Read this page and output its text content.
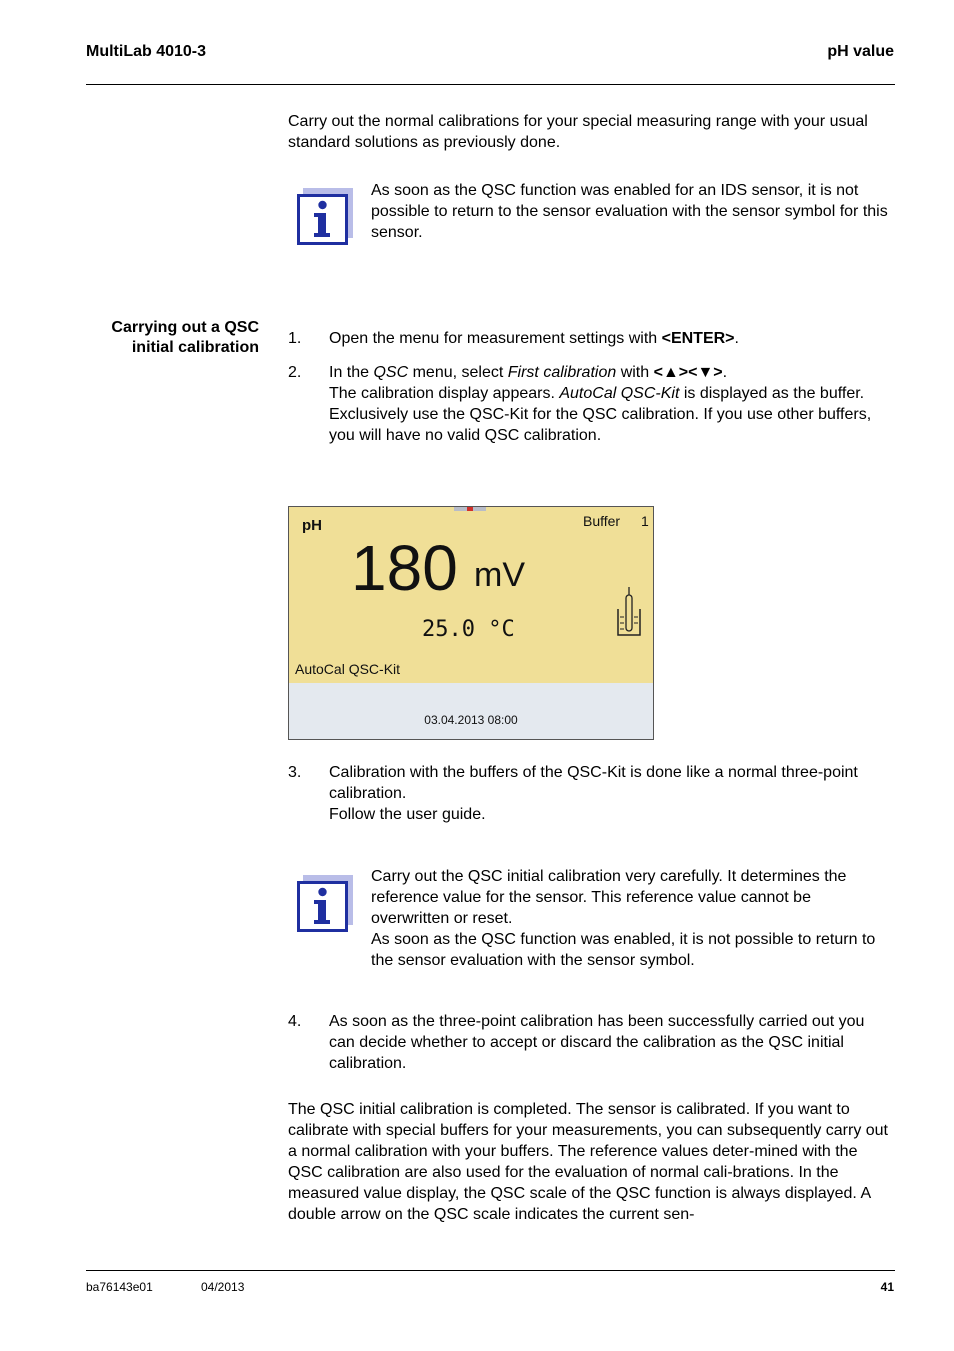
MultiLab 4010-3	pH value
Carry out the normal calibrations for your special measuring range with your usual standard solutions as previously done.
As soon as the QSC function was enabled for an IDS sensor, it is not possible to return to the sensor evaluation with the sensor symbol for this sensor.
Carrying out a QSC
initial calibration
1. Open the menu for measurement settings with <ENTER>.
2. In the QSC menu, select First calibration with <▲><▼>.
The calibration display appears. AutoCal QSC-Kit is displayed as the buffer.
Exclusively use the QSC-Kit for the QSC calibration. If you use other buffers, you will have no valid QSC calibration.
pH	Buffer 1
180 mV
25.0 °C
AutoCal QSC-Kit
03.04.2013 08:00
3. Calibration with the buffers of the QSC-Kit is done like a normal three-point calibration.
Follow the user guide.
Carry out the QSC initial calibration very carefully. It determines the reference value for the sensor. This reference value cannot be overwritten or reset.
As soon as the QSC function was enabled, it is not possible to return to the sensor evaluation with the sensor symbol.
4. As soon as the three-point calibration has been successfully carried out you can decide whether to accept or discard the calibration as the QSC initial calibration.
The QSC initial calibration is completed. The sensor is calibrated. If you want to calibrate with special buffers for your measurements, you can subsequently carry out a normal calibration with your buffers. The reference values deter-mined with the QSC calibration are also used for the evaluation of normal cali-brations. In the measured value display, the QSC scale of the QSC function is always displayed. A double arrow on the QSC scale indicates the current sen-
ba76143e01	04/2013	41
